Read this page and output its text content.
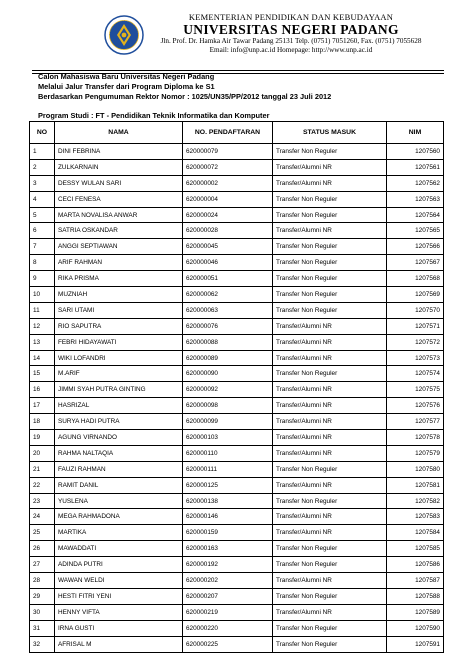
KEMENTERIAN PENDIDIKAN DAN KEBUDAYAAN
UNIVERSITAS NEGERI PADANG
Jln. Prof. Dr. Hamka Air Tawar Padang 25131 Telp. (0751) 7051260, Fax. (0751) 7055628
Email: info@unp.ac.id Homepage: http://www.unp.ac.id
Calon Mahasiswa Baru Universitas Negeri Padang
Melalui Jalur Transfer dari Program Diploma ke S1
Berdasarkan Pengumuman Rektor Nomor : 1025/UN35/PP/2012 tanggal 23 Juli 2012
Program Studi : FT - Pendidikan Teknik Informatika dan Komputer
NO	NAMA	NO. PENDAFTARAN	STATUS MASUK	NIM
1	DINI FEBRINA	620000079	Transfer Non Reguler	1207560
2	ZULKARNAIN	620000072	Transfer/Alumni NR	1207561
3	DESSY WULAN SARI	620000002	Transfer/Alumni NR	1207562
4	CECI FENESA	620000004	Transfer Non Reguler	1207563
5	MARTA NOVALISA ANWAR	620000024	Transfer Non Reguler	1207564
6	SATRIA OSKANDAR	620000028	Transfer/Alumni NR	1207565
7	ANGGI SEPTIAWAN	620000045	Transfer Non Reguler	1207566
8	ARIF RAHMAN	620000046	Transfer Non Reguler	1207567
9	RIKA PRISMA	620000051	Transfer Non Reguler	1207568
10	MUZNIAH	620000062	Transfer Non Reguler	1207569
11	SARI UTAMI	620000063	Transfer Non Reguler	1207570
12	RIO SAPUTRA	620000076	Transfer/Alumni NR	1207571
13	FEBRI HIDAYAWATI	620000088	Transfer/Alumni NR	1207572
14	WIKI LOFANDRI	620000089	Transfer/Alumni NR	1207573
15	M.ARIF	620000090	Transfer Non Reguler	1207574
16	JIMMI SYAH PUTRA GINTING	620000092	Transfer/Alumni NR	1207575
17	HASRIZAL	620000098	Transfer/Alumni NR	1207576
18	SURYA HADI PUTRA	620000099	Transfer/Alumni NR	1207577
19	AGUNG VIRNANDO	620000103	Transfer/Alumni NR	1207578
20	RAHMA NALTAQIA	620000110	Transfer/Alumni NR	1207579
21	FAUZI RAHMAN	620000111	Transfer Non Reguler	1207580
22	RAMIT DANIL	620000125	Transfer/Alumni NR	1207581
23	YUSLENA	620000138	Transfer Non Reguler	1207582
24	MEGA RAHMADONA	620000146	Transfer/Alumni NR	1207583
25	MARTIKA	620000159	Transfer/Alumni NR	1207584
26	MAWADDATI	620000163	Transfer Non Reguler	1207585
27	ADINDA PUTRI	620000192	Transfer Non Reguler	1207586
28	WAWAN WELDI	620000202	Transfer/Alumni NR	1207587
29	HESTI FITRI YENI	620000207	Transfer Non Reguler	1207588
30	HENNY VIFTA	620000219	Transfer/Alumni NR	1207589
31	IRNA GUSTI	620000220	Transfer Non Reguler	1207590
32	AFRISAL M	620000225	Transfer Non Reguler	1207591
